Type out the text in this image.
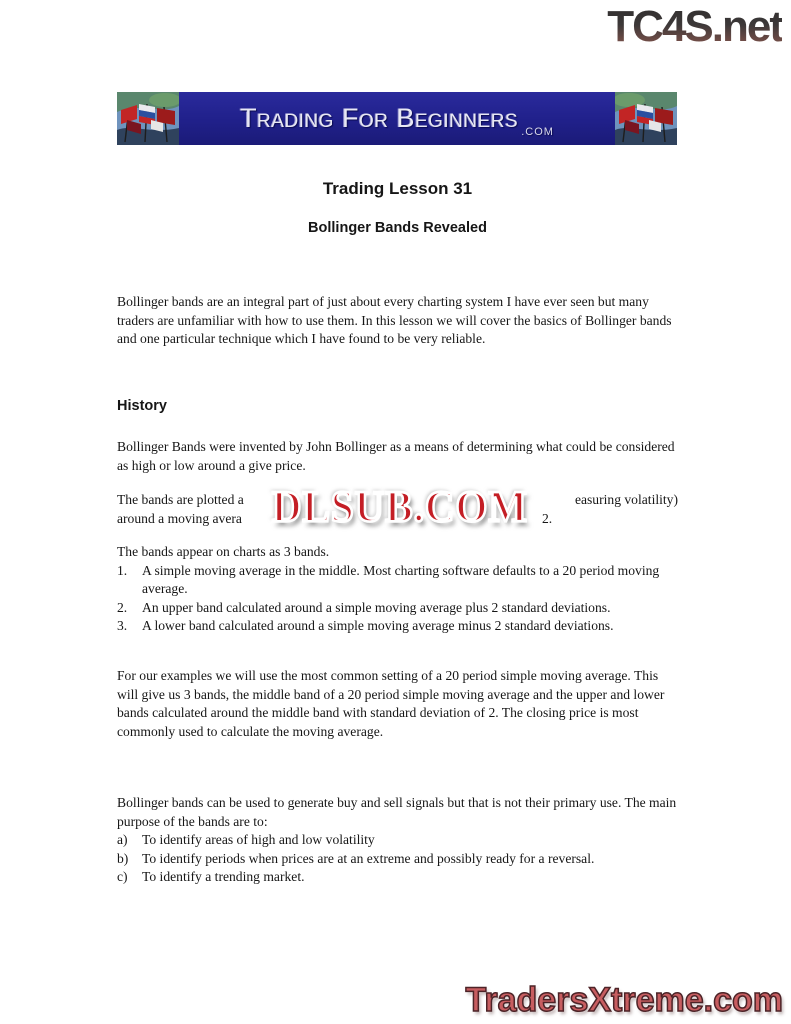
TC4S.net
Trading For Beginners .COM
Trading Lesson 31
Bollinger Bands Revealed

Bollinger bands are an integral part of just about every charting system I have ever seen but many traders are unfamiliar with how to use them. In this lesson we will cover the basics of Bollinger bands and one particular technique which I have found to be very reliable.

History

Bollinger Bands were invented by John Bollinger as a means of determining what could be considered as high or low around a give price.

The bands are plotted a	easuring volatility)
around a moving avera	2.
DLSUB.COM
The bands appear on charts as 3 bands.
1.	A simple moving average in the middle. Most charting software defaults to a 20 period moving average.
2.	An upper band calculated around a simple moving average plus 2 standard deviations.
3.	A lower band calculated around a simple moving average minus 2 standard deviations.

For our examples we will use the most common setting of a 20 period simple moving average. This will give us 3 bands, the middle band of a 20 period simple moving average and the upper and lower bands calculated around the middle band with standard deviation of 2. The closing price is most commonly used to calculate the moving average.

Bollinger bands can be used to generate buy and sell signals but that is not their primary use. The main purpose of the bands are to:
a)	To identify areas of high and low volatility
b)	To identify periods when prices are at an extreme and possibly ready for a reversal.
c)	To identify a trending market.
TradersXtreme.com
